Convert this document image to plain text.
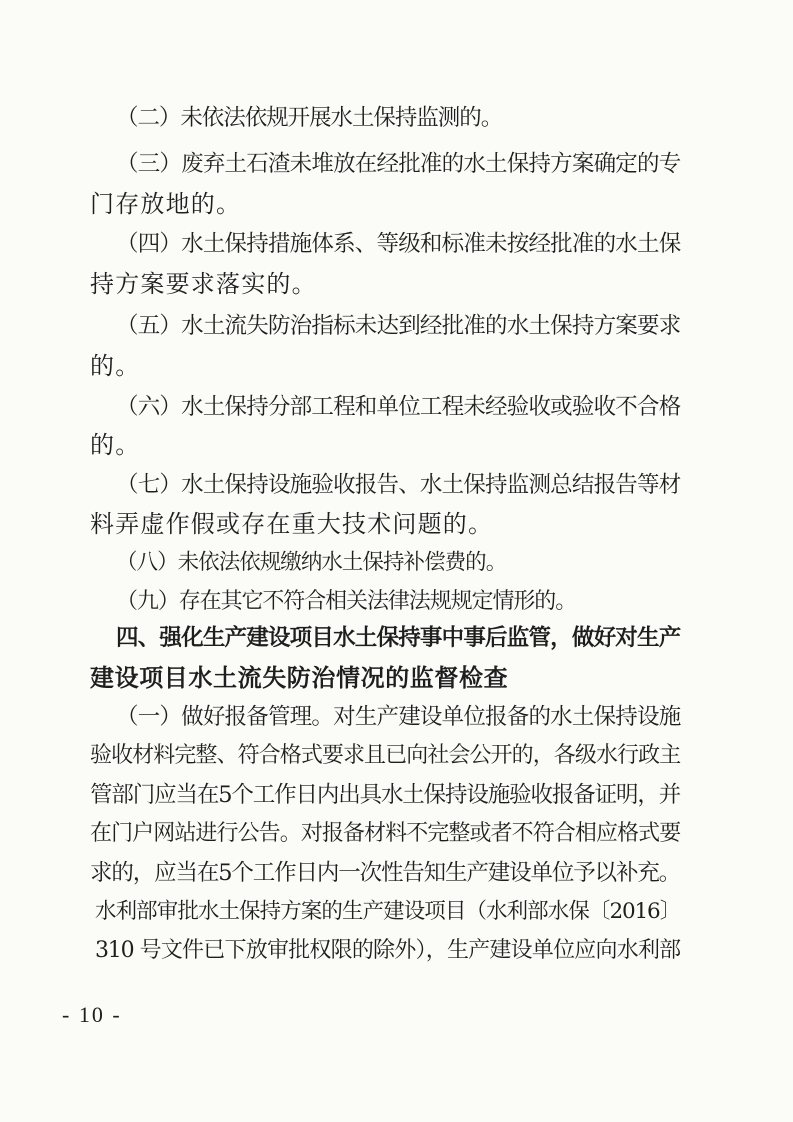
（二）未依法依规开展水土保持监测的。
（三）废弃土石渣未堆放在经批准的水土保持方案确定的专
门存放地的。
（四）水土保持措施体系、等级和标准未按经批准的水土保
持方案要求落实的。
（五）水土流失防治指标未达到经批准的水土保持方案要求
的。
（六）水土保持分部工程和单位工程未经验收或验收不合格
的。
（七）水土保持设施验收报告、水土保持监测总结报告等材
料弄虚作假或存在重大技术问题的。
（八）未依法依规缴纳水土保持补偿费的。
（九）存在其它不符合相关法律法规规定情形的。
四、强化生产建设项目水土保持事中事后监管，做好对生产
建设项目水土流失防治情况的监督检查
（一）做好报备管理。对生产建设单位报备的水土保持设施
验收材料完整、符合格式要求且已向社会公开的，各级水行政主
管部门应当在5个工作日内出具水土保持设施验收报备证明，并
在门户网站进行公告。对报备材料不完整或者不符合相应格式要
求的，应当在5个工作日内一次性告知生产建设单位予以补充。
水利部审批水土保持方案的生产建设项目（水利部水保〔2016〕
310 号文件已下放审批权限的除外），生产建设单位应向水利部
- 10 -
